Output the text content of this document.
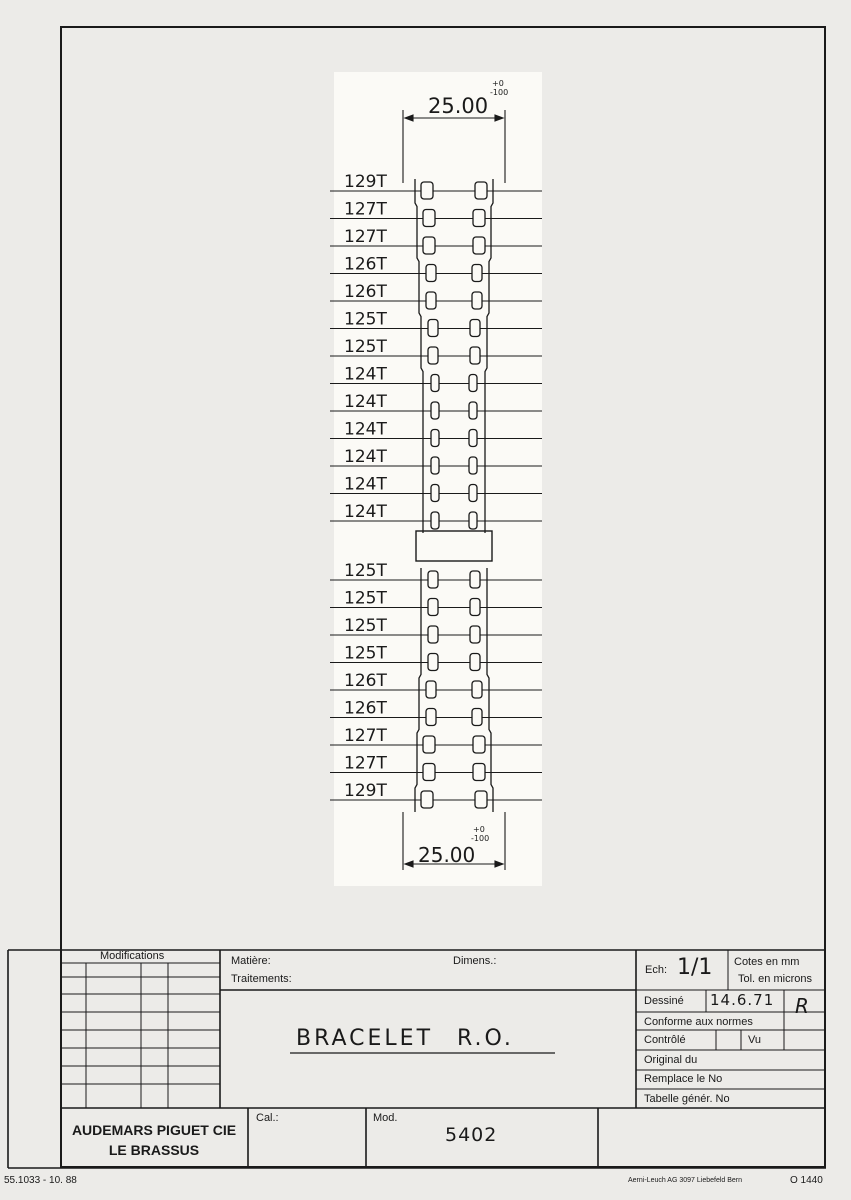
129T
127T
127T
126T
126T
125T
125T
124T
124T
124T
124T
124T
124T
125T
125T
125T
125T
126T
126T
127T
127T
129T
25.00
+0
-100
25.00
+0
-100
Modifications	Matière:
Traitements:
Dimens.:
Ech: 1/1 Cotes en mm
Tol. en microns
Dessiné 14.6.71 R
Conforme aux normes
Contrôlé	Vu
Original du
Remplace le No
Tabelle génér. No
BRACELET R.O.
AUDEMARS PIGUET CIE
LE BRASSUS
Cal.:	Mod.
5402
55.1033 - 10. 88	Aerni-Leuch AG 3097 Liebefeld Bern	O 1440
